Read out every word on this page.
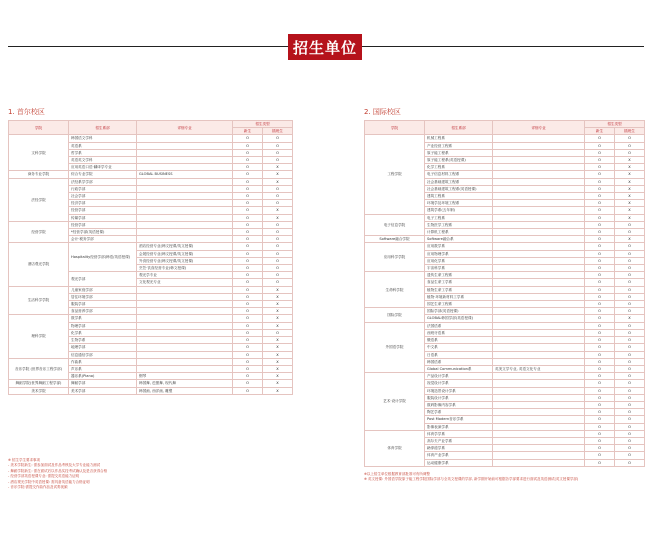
招生单位
1. 首尔校区
学院	招生系部	详细专业	招生类型	
			新生	插班生
文科学院	韩国语文学科		O	O
	英语系		O	O
	哲学系		O	O
	英语英文学科		O	O
	应用英语口语·翻译学专业		O	X
商务专业学院	综合专业学院	GLOBAL BUSINESS	O	X
法经学院	法经系学学部		O	X
	行政学部		O	O
	社会学部		O	O
	经济学部		O	O
	经营学部		O	X
	传媒学部		O	X
经营学院	经营学部		O	O
	*经营学部(英语授课)		O	O
	会计·税务学部		O	O
酒店观光学院	Hospitality经营学部(韩语/英语授课)	酒店经营专业(韩文授课/英文授课)	O	O
		会展经营专业(韩文授课/英文授课)	O	O
		外食经营专业(韩文授课/英文授课)	O	O
		烹饪·饮食经营专业(韩文授课)	O	O
	观光学部	观光学专业	O	O
		文化观光专业	O	O
生活科学学院	儿童家庭学部		O	X
	居住环境学部		O	X
	服装学部		O	X
	食品营养学部		O	X
理科学院	数学系		O	X
	物理学部		O	X
	化学系		O	O
	生物学系		O	X
	地理学部		O	X
	信息通信学部		O	X
音乐学院 (世界音乐工程学部)	作曲系		O	X
	声乐系		O	X
	器乐系(Piano)	钢琴	O	X
舞蹈学院(世界舞蹈工程学部)	舞蹈学部	韩国舞, 芭蕾舞, 现代舞	O	X
美术学院	美术学部	韩国画, 西洋画, 雕塑	O	X
※ 招生学生要求事项
- 美术学院新生: 需参加面试及作品考核及大学专业能力测试
- 舞蹈学院新生: 需在面试后以作品实技考试确认及是否获得合格
- 经营学部英语授课专业: 需提交英语能力证明
- 酒店观光学院中英语授课: 需具备英语能力合格证明
- 音乐学院:需提交作曲作品及试奏视频
2. 国际校区
学院	招生系部	详细专业	招生类型	
			新生	插班生
工程学院	机械工程系		O	O
	产业经营工程系		O	O
	原子能工程系		O	O
	原子能工程系(英语授课)		O	X
	化学工程系		O	X
	电子信息材料工程系		O	X
	社会基础建筑工程系		O	X
	社会基础建筑工程系(英语授课)		O	X
	建筑工程系		O	X
	环境学及环境工程系		O	X
	建筑学系(五年制)		O	X
电子信息学院	电子工程系		O	X
	生物医学工程系		O	O
	计算机工程系		O	O
Software融合学院	Software融合系		O	X
应用科学学院	应用数学系		O	O
	应用物理学系		O	O
	应用化学系		O	O
	宇宙科学系		O	O
生命科学院	遗传生命工程系		O	O
	食品生命工学系		O	O
	植物生命工学系		O	O
	植物·环境新材料工学系		O	O
	园艺生命工程系		O	O
国际学院	国际学部(英语授课)		O	O
	GLOBAL韩国学部(英语授课)		O	X
外国语学院	法国语系		O	O
	西班牙语系		O	O
	俄语系		O	O
	中文系		O	O
	日语系		O	O
	韩国语系		O	O
	Global Communication系	英美文学专业, 英语文化专业	O	O
艺术·设计学院	产品设计学系		O	O
	视觉设计学系		O	O
	环境造景设计学系		O	O
	服装设计学系		O	O
	数码影像内容学系		O	O
	陶艺学系		O	O
	Post Modern音乐学系		O	O
	影像表演学系		O	O
体育学院	体育学学系		O	O
	高尔夫产业学系		O	O
	跆拳道学系		O	O
	体育产业学系		O	O
	运动健康学系		O	O
※以上招生单位根据教育部批准可有所调整
※ 英文授课: 外国语学院原子能工程学院国际学部与全英文授课的学部, 新学期开始前可根据各学部要求进行面试及英语测试(英文授课学部)
